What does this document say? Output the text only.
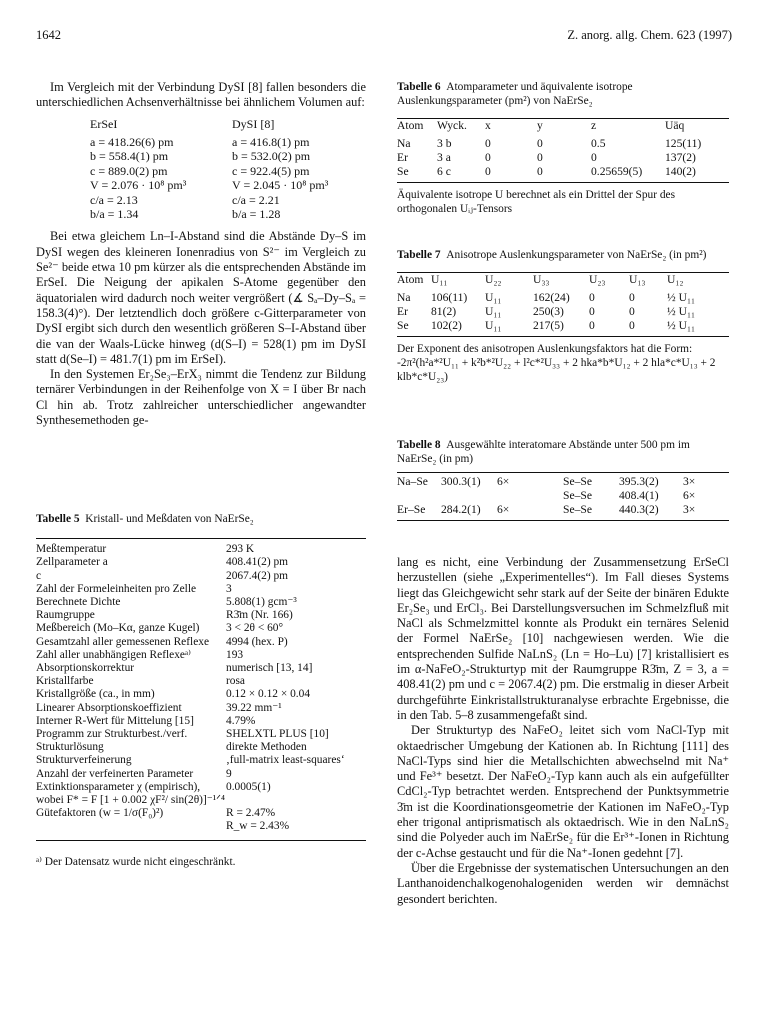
1642	Z. anorg. allg. Chem. 623 (1997)

Im Vergleich mit der Verbindung DySI [8] fallen besonders die unterschiedlichen Achsenverhältnisse bei ähnlichem Volumen auf:

ErSeI	DySI [8]
a = 418.26(6) pm	a = 416.8(1) pm
b = 558.4(1) pm	b = 532.0(2) pm
c = 889.0(2) pm	c = 922.4(5) pm
V = 2.076 · 10⁸ pm³	V = 2.045 · 10⁸ pm³
c/a = 2.13	c/a = 2.21
b/a = 1.34	b/a = 1.28

Bei etwa gleichem Ln–I-Abstand sind die Abstände Dy–S im DySI wegen des kleineren Ionenradius von S²⁻ im Vergleich zu Se²⁻ beide etwa 10 pm kürzer als die entsprechenden Abstände im ErSeI. Die Neigung der apikalen S-Atome gegenüber den äquatorialen wird dadurch noch weiter vergrößert (∡ Sₐ–Dy–Sₐ = 158.3(4)°). Der letztendlich doch größere c-Gitterparameter von DySI ergibt sich durch den wesentlich größeren S–I-Abstand über die van der Waals-Lücke hinweg (d(S–I) = 528(1) pm im DySI statt d(Se–I) = 481.7(1) pm im ErSeI).

In den Systemen Er₂Se₃–ErX₃ nimmt die Tendenz zur Bildung ternärer Verbindungen in der Reihenfolge von X = I über Br nach Cl hin ab. Trotz zahlreicher unterschiedlicher angewandter Synthesemethoden ge-

Tabelle 5 Kristall- und Meßdaten von NaErSe₂
Meßtemperatur	293 K
Zellparameter a	408.41(2) pm
c	2067.4(2) pm
Zahl der Formeleinheiten pro Zelle	3
Berechnete Dichte	5.808(1) gcm⁻³
Raumgruppe	R3̄m (Nr. 166)
Meßbereich (Mo–Kα, ganze Kugel)	3 < 2θ < 60°
Gesamtzahl aller gemessenen Reflexe	4994 (hex. P)
Zahl aller unabhängigen Reflexeᵃ⁾	193
Absorptionskorrektur	numerisch [13, 14]
Kristallfarbe	rosa
Kristallgröße (ca., in mm)	0.12 × 0.12 × 0.04
Linearer Absorptionskoeffizient	39.22 mm⁻¹
Interner R-Wert für Mittelung [15]	4.79%
Programm zur Strukturbest./verf.	SHELXTL PLUS [10]
Strukturlösung	direkte Methoden
Strukturverfeinerung	‚full-matrix least-squares‘
Anzahl der verfeinerten Parameter	9
Extinktionsparameter χ (empirisch), wobei F* = F [1 + 0.002 χF²/ sin(2θ)]⁻¹ᐟ⁴	0.0005(1)
Gütefaktoren (w = 1/σ(F₀)²)	R = 2.47%
	R_w = 2.43%
ᵃ⁾ Der Datensatz wurde nicht eingeschränkt.
Tabelle 6 Atomparameter und äquivalente isotrope Auslenkungsparameter (pm²) von NaErSe₂
Atom	Wyck.	x	y	z	Uäq
Na	3 b	0	0	0.5	125(11)
Er	3 a	0	0	0	137(2)
Se	6 c	0	0	0.25659(5)	140(2)
Äquivalente isotrope U berechnet als ein Drittel der Spur des orthogonalen Uᵢⱼ-Tensors
Tabelle 7 Anisotrope Auslenkungsparameter von NaErSe₂ (in pm²)
Atom	U₁₁	U₂₂	U₃₃	U₂₃	U₁₃	U₁₂
Na	106(11)	U₁₁	162(24)	0	0	½ U₁₁
Er	81(2)	U₁₁	250(3)	0	0	½ U₁₁
Se	102(2)	U₁₁	217(5)	0	0	½ U₁₁
Der Exponent des anisotropen Auslenkungsfaktors hat die Form: -2π²(h²a*²U₁₁ + k²b*²U₂₂ + l²c*²U₃₃ + 2 hka*b*U₁₂ + 2 hla*c*U₁₃ + 2 klb*c*U₂₃)
Tabelle 8 Ausgewählte interatomare Abstände unter 500 pm im NaErSe₂ (in pm)
Na–Se	300.3(1)	6×	Se–Se	395.3(2)	3×
			Se–Se	408.4(1)	6×
Er–Se	284.2(1)	6×	Se–Se	440.3(2)	3×

lang es nicht, eine Verbindung der Zusammensetzung ErSeCl herzustellen (siehe „Experimentelles“). Im Fall dieses Systems liegt das Gleichgewicht sehr stark auf der Seite der binären Edukte Er₂Se₃ und ErCl₃. Bei Darstellungsversuchen im Schmelzfluß mit NaCl als Schmelzmittel konnte als Produkt ein ternäres Selenid der Formel NaErSe₂ [10] nachgewiesen werden. Wie die entsprechenden Sulfide NaLnS₂ (Ln = Ho–Lu) [7] kristallisiert es im α-NaFeO₂-Strukturtyp mit der Raumgruppe R3̄m, Z = 3, a = 408.41(2) pm und c = 2067.4(2) pm. Die erstmalig in dieser Arbeit durchgeführte Einkristallstrukturanalyse erbrachte Ergebnisse, die in den Tab. 5–8 zusammengefaßt sind.

Der Strukturtyp des NaFeO₂ leitet sich vom NaCl-Typ mit oktaedrischer Umgebung der Kationen ab. In Richtung [111] des NaCl-Typs sind hier die Metallschichten abwechselnd mit Na⁺ und Fe³⁺ besetzt. Der NaFeO₂-Typ kann auch als ein aufgefüllter CdCl₂-Typ betrachtet werden. Entsprechend der Punktsymmetrie 3̄m ist die Koordinationsgeometrie der Kationen im NaFeO₂-Typ eher trigonal antiprismatisch als oktaedrisch. Wie in den NaLnS₂ sind die Polyeder auch im NaErSe₂ für die Er³⁺-Ionen in Richtung der c-Achse gestaucht und für die Na⁺-Ionen gedehnt [7].

Über die Ergebnisse der systematischen Untersuchungen an den Lanthanoidenchalkogenohalogeniden werden wir demnächst gesondert berichten.
